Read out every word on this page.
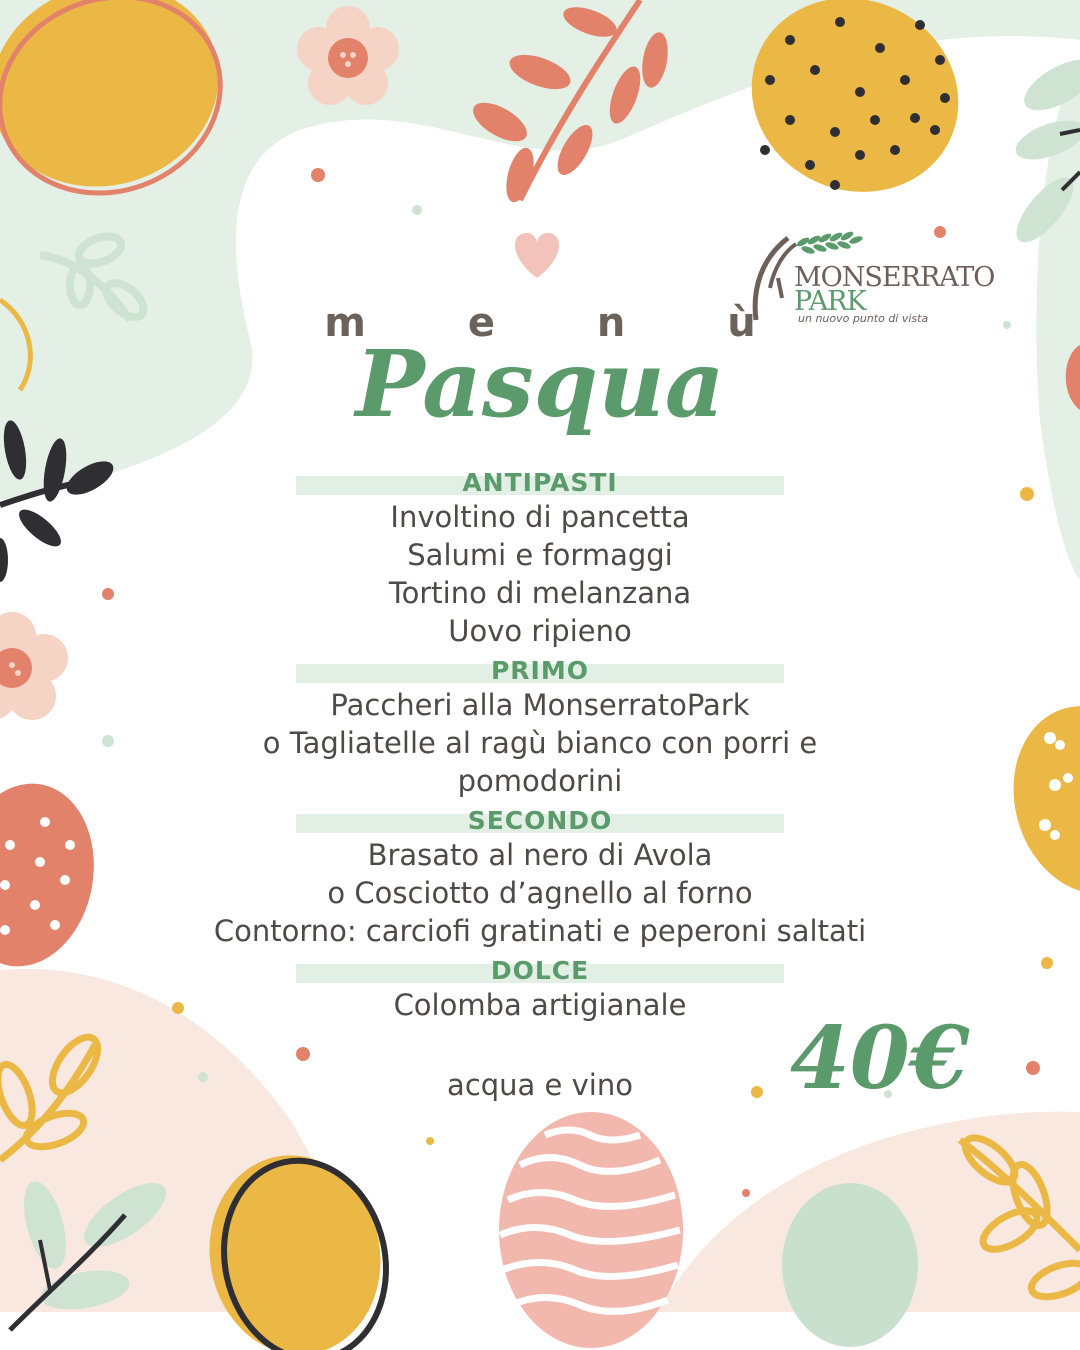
MONSERRATO
PARK
un nuovo punto di vista
m e n ù
Pasqua
ANTIPASTI
Involtino di pancetta
Salumi e formaggi
Tortino di melanzana
Uovo ripieno
PRIMO
Paccheri alla MonserratoPark
o Tagliatelle al ragù bianco con porri e
pomodorini
SECONDO
Brasato al nero di Avola
o Cosciotto d’agnello al forno
Contorno: carciofi gratinati e peperoni saltati
DOLCE
Colomba artigianale
acqua e vino	40€
